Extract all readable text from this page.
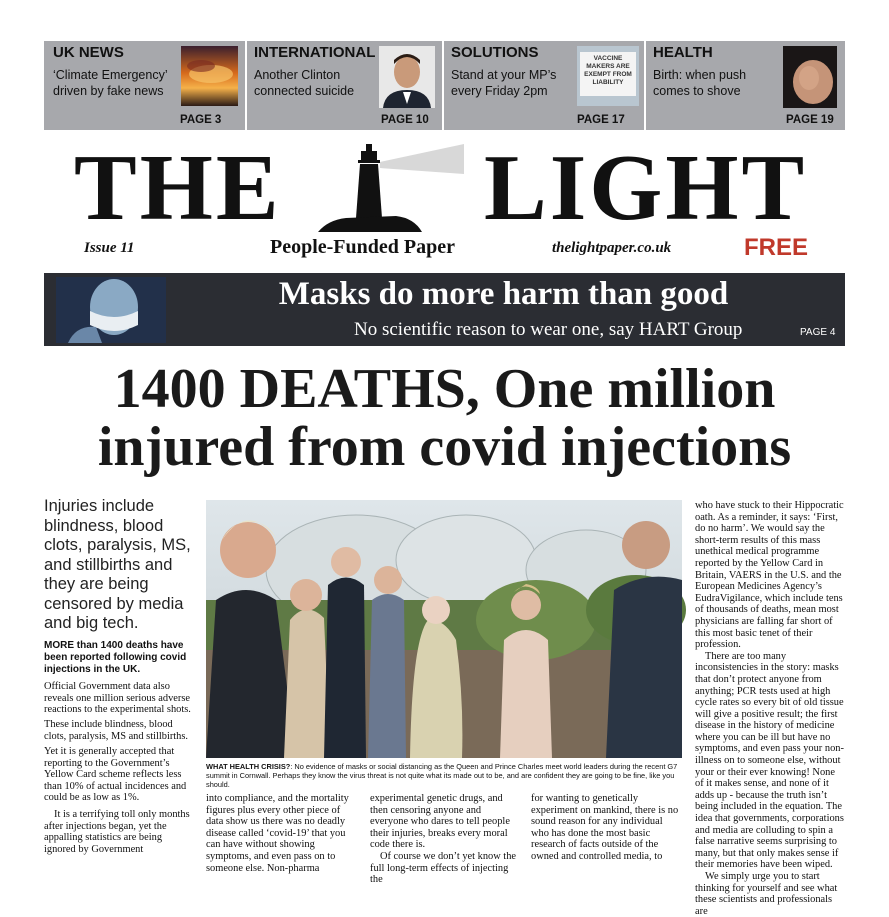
UK NEWS
‘Climate Emergency’ driven by fake news
PAGE 3
INTERNATIONAL
Another Clinton connected suicide
PAGE 10
SOLUTIONS
Stand at your MP’s every Friday 2pm
VACCINE MAKERS ARE EXEMPT FROM LIABILITY
PAGE 17
HEALTH
Birth: when push comes to shove
PAGE 19
THE LIGHT
Issue 11	People-Funded Paper	thelightpaper.co.uk	FREE
Masks do more harm than good
No scientific reason to wear one, say HART Group	PAGE 4
1400 DEATHS, One million injured from covid injections
Injuries include blindness, blood clots, paralysis, MS, and stillbirths and they are being censored by media and big tech.
MORE than 1400 deaths have been reported following covid injections in the UK.
Official Government data also reveals one million serious adverse reactions to the experimental shots.
These include blindness, blood clots, paralysis, MS and stillbirths.
Yet it is generally accepted that reporting to the Government’s Yellow Card scheme reflects less than 10% of actual incidences and could be as low as 1%.
It is a terrifying toll only months after injections began, yet the appalling statistics are being ignored by Government
WHAT HEALTH CRISIS?: No evidence of masks or social distancing as the Queen and Prince Charles meet world leaders during the recent G7 summit in Cornwall. Perhaps they know the virus threat is not quite what its made out to be, and are confident they are going to be fine, like you should.

into compliance, and the mortality figures plus every other piece of data show us there was no deadly disease called ‘covid-19’ that you can have without showing symptoms, and even pass on to someone else. Non-pharma

experimental genetic drugs, and then censoring anyone and everyone who dares to tell people their injuries, breaks every moral code there is.

Of course we don’t yet know the full long-term effects of injecting the

for wanting to genetically experiment on mankind, there is no sound reason for any individual who has done the most basic research of facts outside of the owned and controlled media, to

who have stuck to their Hippocratic oath. As a reminder, it says: ‘First, do no harm’. We would say the short-term results of this mass unethical medical programme reported by the Yellow Card in Britain, VAERS in the U.S. and the European Medicines Agency’s EudraVigilance, which include tens of thousands of deaths, mean most physicians are falling far short of this most basic tenet of their profession.

There are too many inconsistencies in the story: masks that don’t protect anyone from anything; PCR tests used at high cycle rates so every bit of old tissue will give a positive result; the first disease in the history of medicine where you can be ill but have no symptoms, and even pass your non-illness on to someone else, without your or their ever knowing! None of it makes sense, and none of it adds up - because the truth isn’t being included in the equation. The idea that governments, corporations and media are colluding to spin a false narrative seems surprising to many, but that only makes sense if their memories have been wiped.

We simply urge you to start thinking for yourself and see what these scientists and professionals are
